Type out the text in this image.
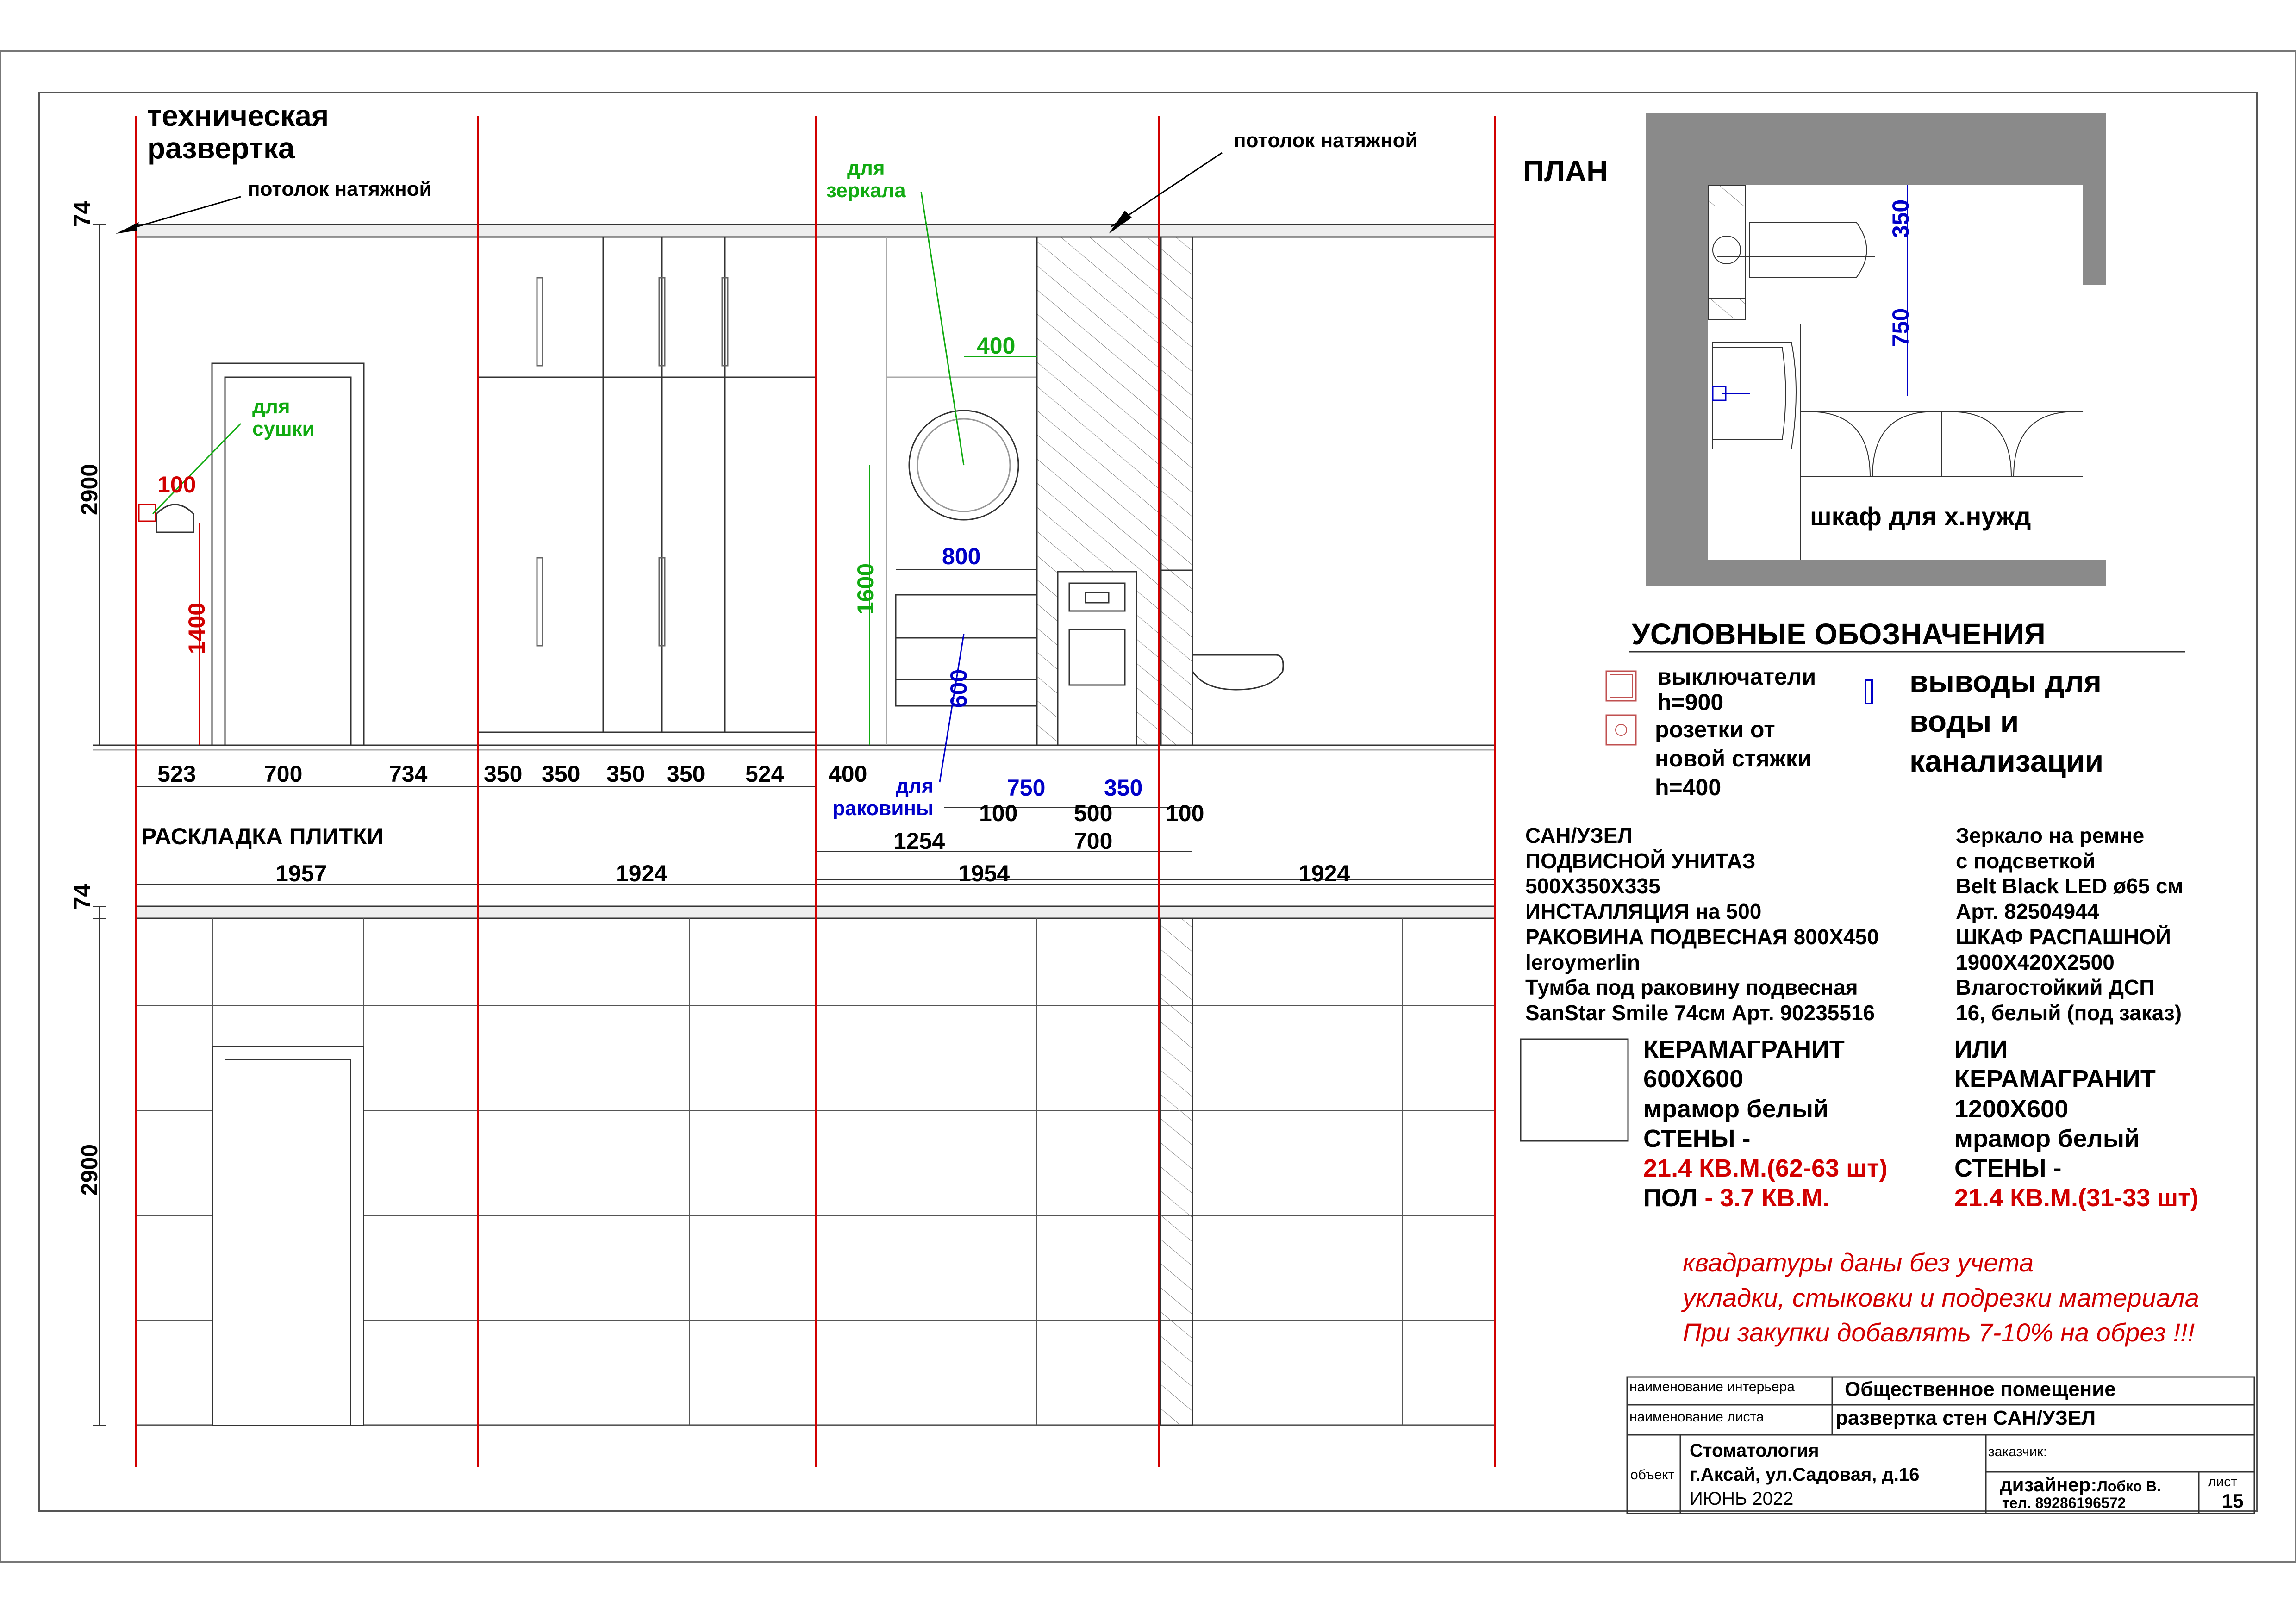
техническая
развертка
потолок натяжной
потолок натяжной
74
2900
1400
100
для
сушки
для
зеркала
400
1600
800
600
523	700	734 350 350 350 350 524 400	для
раковины
750	350
100 500 100
1254	700
РАСКЛАДКА ПЛИТКИ
1957	1924	1954	1924
74
2900
ПЛАН
350
750
шкаф для х.нужд
УСЛОВНЫЕ ОБОЗНАЧЕНИЯ
выключатели
h=900
розетки от
новой стяжки
h=400
выводы для
воды и
канализации
САН/УЗЕЛ
ПОДВИСНОЙ УНИТАЗ
500Х350Х335
ИНСТАЛЛЯЦИЯ на 500
РАКОВИНА ПОДВЕСНАЯ 800Х450
leroymerlin
Тумба под раковину подвесная
SanStar Smile 74см Арт. 90235516
Зеркало на ремне
с подсветкой
Belt Black LED ø65 см
Арт. 82504944
ШКАФ РАСПАШНОЙ
1900Х420Х2500
Влагостойкий ДСП
16, белый (под заказ)
КЕРАМАГРАНИТ
600Х600
мрамор белый
СТЕНЫ -
21.4 КВ.М.(62-63 шт)
ПОЛ - 3.7 КВ.М.
ИЛИ
КЕРАМАГРАНИТ
1200Х600
мрамор белый
СТЕНЫ -
21.4 КВ.М.(31-33 шт)
квадратуры даны без учета
укладки, стыковки и подрезки материала
При закупки добавлять 7-10% на обрез !!!
наименование интерьера Общественное помещение
наименование листа	развертка стен САН/УЗЕЛ
объект
Стоматология
г.Аксай, ул.Садовая, д.16
ИЮНЬ 2022
заказчик:
дизайнер:Лобко В.
тел. 89286196572
лист
15
